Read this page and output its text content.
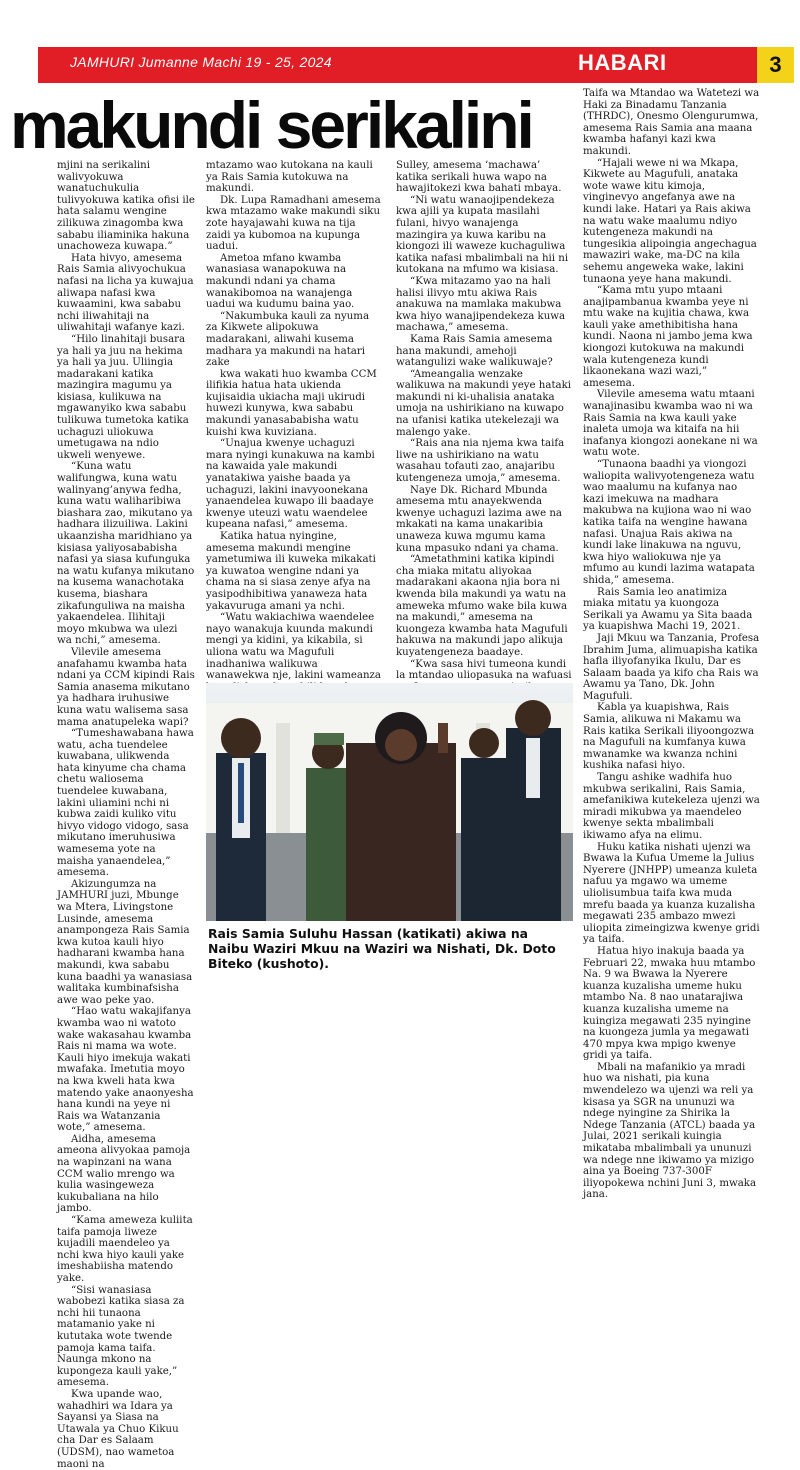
JAMHURI Jumanne Machi 19 - 25, 2024	HABARI	3
makundi serikalini

mjini na serikalini walivyokuwa wanatuchukulia tulivyokuwa katika ofisi ile hata salamu wengine zilikuwa zinagomba kwa sababu iliaminika hakuna unachoweza kuwapa.”

Hata hivyo, amesema Rais Samia alivyochukua nafasi na licha ya kuwajua aliwapa nafasi kwa kuwaamini, kwa sababu nchi iliwahitaji na uliwahitaji wafanye kazi.

“Hilo linahitaji busara ya hali ya juu na hekima ya hali ya juu. Uliingia madarakani katika mazingira magumu ya kisiasa, kulikuwa na mgawanyiko kwa sababu tulikuwa tumetoka katika uchaguzi uliokuwa umetugawa na ndio ukweli wenyewe.

“Kuna watu walifungwa, kuna watu walinyang’anywa fedha, kuna watu waliharibiwa biashara zao, mikutano ya hadhara ilizuiliwa. Lakini ukaanzisha maridhiano ya kisiasa yaliyosababisha nafasi ya siasa kufunguka na watu kufanya mikutano na kusema wanachotaka kusema, biashara zikafunguliwa na maisha yakaendelea. Ilihitaji moyo mkubwa wa ulezi wa nchi,” amesema.

Vilevile amesema anafahamu kwamba hata ndani ya CCM kipindi Rais Samia anasema mikutano ya hadhara iruhusiwe kuna watu walisema sasa mama anatupeleka wapi?

“Tumeshawabana hawa watu, acha tuendelee kuwabana, ulikwenda hata kinyume cha chama chetu waliosema tuendelee kuwabana, lakini uliamini nchi ni kubwa zaidi kuliko vitu hivyo vidogo vidogo, sasa mikutano imeruhusiwa wamesema yote na maisha yanaendelea,” amesema.

Akizungumza na JAMHURI juzi, Mbunge wa Mtera, Livingstone Lusinde, amesema anampongeza Rais Samia kwa kutoa kauli hiyo hadharani kwamba hana makundi, kwa sababu kuna baadhi ya wanasiasa walitaka kumbinafsisha awe wao peke yao.

“Hao watu wakajifanya kwamba wao ni watoto wake wakasahau kwamba Rais ni mama wa wote. Kauli hiyo imekuja wakati mwafaka. Imetutia moyo na kwa kweli hata kwa matendo yake anaonyesha hana kundi na yeye ni Rais wa Watanzania wote,” amesema.

Aidha, amesema ameona alivyokaa pamoja na wapinzani na wana CCM walio mrengo wa kulia wasingeweza kukubaliana na hilo jambo.

“Kama ameweza kuliita taifa pamoja liweze kujadili maendeleo ya nchi kwa hiyo kauli yake imeshabiisha matendo yake.

“Sisi wanasiasa wabobezi katika siasa za nchi hii tunaona matamanio yake ni kututaka wote twende pamoja kama taifa. Naunga mkono na kupongeza kauli yake,” amesema.

Kwa upande wao, wahadhiri wa Idara ya Sayansi ya Siasa na Utawala ya Chuo Kikuu cha Dar es Salaam (UDSM), nao wametoa maoni na

mtazamo wao kutokana na kauli ya Rais Samia kutokuwa na makundi.

Dk. Lupa Ramadhani amesema kwa mtazamo wake makundi siku zote hayajawahi kuwa na tija zaidi ya kubomoa na kupunga uadui.

Ametoa mfano kwamba wanasiasa wanapokuwa na makundi ndani ya chama wanakibomoa na wanajenga uadui wa kudumu baina yao.

“Nakumbuka kauli za nyuma za Kikwete alipokuwa madarakani, aliwahi kusema madhara ya makundi na hatari zake

kwa wakati huo kwamba CCM ilifikia hatua hata ukienda kujisaidia ukiacha maji ukirudi huwezi kunywa, kwa sababu makundi yanasababisha watu kuishi kwa kuviziana.

“Unajua kwenye uchaguzi mara nyingi kunakuwa na kambi na kawaida yale makundi yanatakiwa yaishe baada ya uchaguzi, lakini inavyoonekana yanaendelea kuwapo ili baadaye kwenye uteuzi watu waendelee kupeana nafasi,” amesema.

Katika hatua nyingine, amesema makundi mengine yametumiwa ili kuweka mikakati ya kuwatoa wengine ndani ya chama na si siasa zenye afya na yasipodhibitiwa yanaweza hata yakavuruga amani ya nchi.

“Watu wakiachiwa waendelee nayo wanakuja kuunda makundi mengi ya kidini, ya kikabila, si uliona watu wa Magufuli inadhaniwa walikuwa wanawekwa nje, lakini wameanza

Sulley, amesema ‘machawa’ katika serikali huwa wapo na hawajitokezi kwa bahati mbaya.

“Ni watu wanaojipendekeza kwa ajili ya kupata masilahi fulani, hivyo wanajenga mazingira ya kuwa karibu na kiongozi ili waweze kuchaguliwa katika nafasi mbalimbali na hii ni kutokana na mfumo wa kisiasa.

“Kwa mitazamo yao na hali halisi ilivyo mtu akiwa Rais anakuwa na mamlaka makubwa kwa hiyo wanajipendekeza kuwa machawa,” amesema.

Kama Rais Samia amesema hana makundi, amehoji watangulizi wake walikuwaje?

“Ameangalia wenzake walikuwa na makundi yeye hataki makundi ni ki-uhalisia anataka umoja na ushirikiano na kuwapo na ufanisi katika utekelezaji wa malengo yake.

“Rais ana nia njema kwa taifa liwe na ushirikiano na watu wasahau tofauti zao, anajaribu kutengeneza umoja,” amesema.

Naye Dk. Richard Mbunda amesema mtu anayekwenda kwenye uchaguzi lazima awe na mkakati na kama unakaribia unaweza kuwa mgumu kama kuna mpasuko ndani ya chama.

“Ametathmini katika kipindi cha miaka mitatu aliyokaa madarakani akaona njia bora ni kwenda bila makundi ya watu na ameweka mfumo wake bila kuwa na makundi,” amesema na kuongeza kwamba hata Magufuli hakuwa na makundi japo alikuja kuyatengeneza baadaye.

“Kwa sasa hivi tumeona kundi la mtandao uliopasuka na wafuasi

Taifa wa Mtandao wa Watetezi wa Haki za Binadamu Tanzania (THRDC), Onesmo Olengurumwa, amesema Rais Samia ana maana kwamba hafanyi kazi kwa makundi.

“Hajali wewe ni wa Mkapa, Kikwete au Magufuli, anataka wote wawe kitu kimoja, vinginevyo angefanya awe na kundi lake. Hatari ya Rais akiwa na watu wake maalumu ndiyo kutengeneza makundi na tungesikia alipoingia angechagua mawaziri wake, ma-DC na kila sehemu angeweka wake, lakini tunaona yeye hana makundi.

“Kama mtu yupo mtaani anajipambanua kwamba yeye ni mtu wake na kujitia chawa, kwa kauli yake amethibitisha hana kundi. Naona ni jambo jema kwa kiongozi kutokuwa na makundi wala kutengeneza kundi likaonekana wazi wazi,” amesema.

Vilevile amesema watu mtaani wanajinasibu kwamba wao ni wa Rais Samia na kwa kauli yake inaleta umoja wa kitaifa na hii inafanya kiongozi aonekane ni wa watu wote.

“Tunaona baadhi ya viongozi waliopita walivyotengeneza watu wao maalumu na kufanya nao kazi imekuwa na madhara makubwa na kujiona wao ni wao katika taifa na wengine hawana nafasi. Unajua Rais akiwa na kundi lake linakuwa na nguvu, kwa hiyo waliokuwa nje ya mfumo au kundi lazima watapata shida,” amesema.

Rais Samia leo anatimiza miaka mitatu ya kuongoza Serikali ya Awamu ya Sita baada ya kuapishwa Machi 19, 2021.

Jaji Mkuu wa Tanzania, Profesa Ibrahim Juma, alimuapisha katika hafla iliyofanyika Ikulu, Dar es Salaam baada ya kifo cha Rais wa Awamu ya Tano, Dk. John Magufuli.

Kabla ya kuapishwa, Rais Samia, alikuwa ni Makamu wa Rais katika Serikali iliyoongozwa na Magufuli na kumfanya kuwa mwanamke wa kwanza nchini kushika nafasi hiyo.

Tangu ashike wadhifa huo mkubwa serikalini, Rais Samia, amefanikiwa kutekeleza ujenzi wa miradi mikubwa ya maendeleo kwenye sekta mbalimbali ikiwamo afya na elimu.

Huku katika nishati ujenzi wa Bwawa la Kufua Umeme la Julius Nyerere (JNHPP) umeanza kuleta nafuu ya mgawo wa umeme uliolisumbua taifa kwa muda mrefu baada ya kuanza kuzalisha megawati 235 ambazo mwezi uliopita zimeingizwa kwenye gridi ya taifa.

Hatua hiyo inakuja baada ya Februari 22, mwaka huu mtambo Na. 9 wa Bwawa la Nyerere kuanza kuzalisha umeme huku mtambo Na. 8 nao unatarajiwa kuanza kuzalisha umeme na kuingiza megawati 235 nyingine na kuongeza jumla ya megawati 470 mpya kwa mpigo kwenye gridi ya taifa.

Mbali na mafanikio ya mradi huo wa nishati, pia kuna mwendelezo wa ujenzi wa reli ya kisasa ya SGR na ununuzi wa ndege nyingine za Shirika la Ndege Tanzania (ATCL) baada ya Julai, 2021 serikali kuingia mikataba mbalimbali ya ununuzi wa ndege nne ikiwamo ya mizigo aina ya Boeing 737-300F iliyopokewa nchini Juni 3, mwaka jana.

Rais Samia Suluhu Hassan (katikati) akiwa na Naibu Waziri Mkuu na Waziri wa Nishati, Dk. Doto Biteko (kushoto).
